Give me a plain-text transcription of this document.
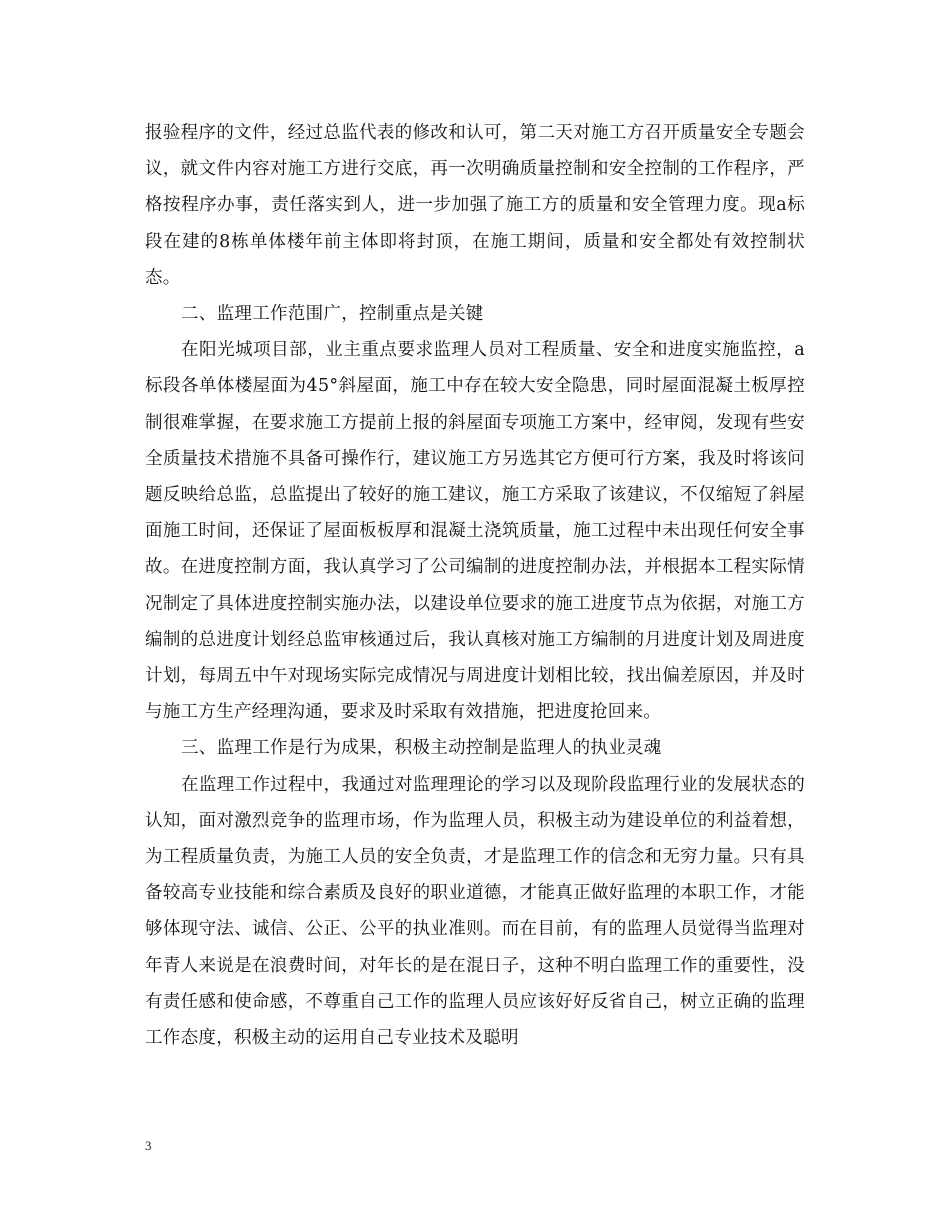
报验程序的文件，经过总监代表的修改和认可，第二天对施工方召开质量安全专题会议，就文件内容对施工方进行交底，再一次明确质量控制和安全控制的工作程序，严格按程序办事，责任落实到人，进一步加强了施工方的质量和安全管理力度。现a标段在建的8栋单体楼年前主体即将封顶，在施工期间，质量和安全都处有效控制状态。

二、监理工作范围广，控制重点是关键

在阳光城项目部，业主重点要求监理人员对工程质量、安全和进度实施监控，a标段各单体楼屋面为45°斜屋面，施工中存在较大安全隐患，同时屋面混凝土板厚控制很难掌握，在要求施工方提前上报的斜屋面专项施工方案中，经审阅，发现有些安全质量技术措施不具备可操作行，建议施工方另选其它方便可行方案，我及时将该问题反映给总监，总监提出了较好的施工建议，施工方采取了该建议，不仅缩短了斜屋面施工时间，还保证了屋面板板厚和混凝土浇筑质量，施工过程中未出现任何安全事故。在进度控制方面，我认真学习了公司编制的进度控制办法，并根据本工程实际情况制定了具体进度控制实施办法，以建设单位要求的施工进度节点为依据，对施工方编制的总进度计划经总监审核通过后，我认真核对施工方编制的月进度计划及周进度计划，每周五中午对现场实际完成情况与周进度计划相比较，找出偏差原因，并及时与施工方生产经理沟通，要求及时采取有效措施，把进度抢回来。

三、监理工作是行为成果，积极主动控制是监理人的执业灵魂

在监理工作过程中，我通过对监理理论的学习以及现阶段监理行业的发展状态的认知，面对激烈竞争的监理市场，作为监理人员，积极主动为建设单位的利益着想，为工程质量负责，为施工人员的安全负责，才是监理工作的信念和无穷力量。只有具备较高专业技能和综合素质及良好的职业道德，才能真正做好监理的本职工作，才能够体现守法、诚信、公正、公平的执业准则。而在目前，有的监理人员觉得当监理对年青人来说是在浪费时间，对年长的是在混日子，这种不明白监理工作的重要性，没有责任感和使命感，不尊重自己工作的监理人员应该好好反省自己，树立正确的监理工作态度，积极主动的运用自己专业技术及聪明

3
